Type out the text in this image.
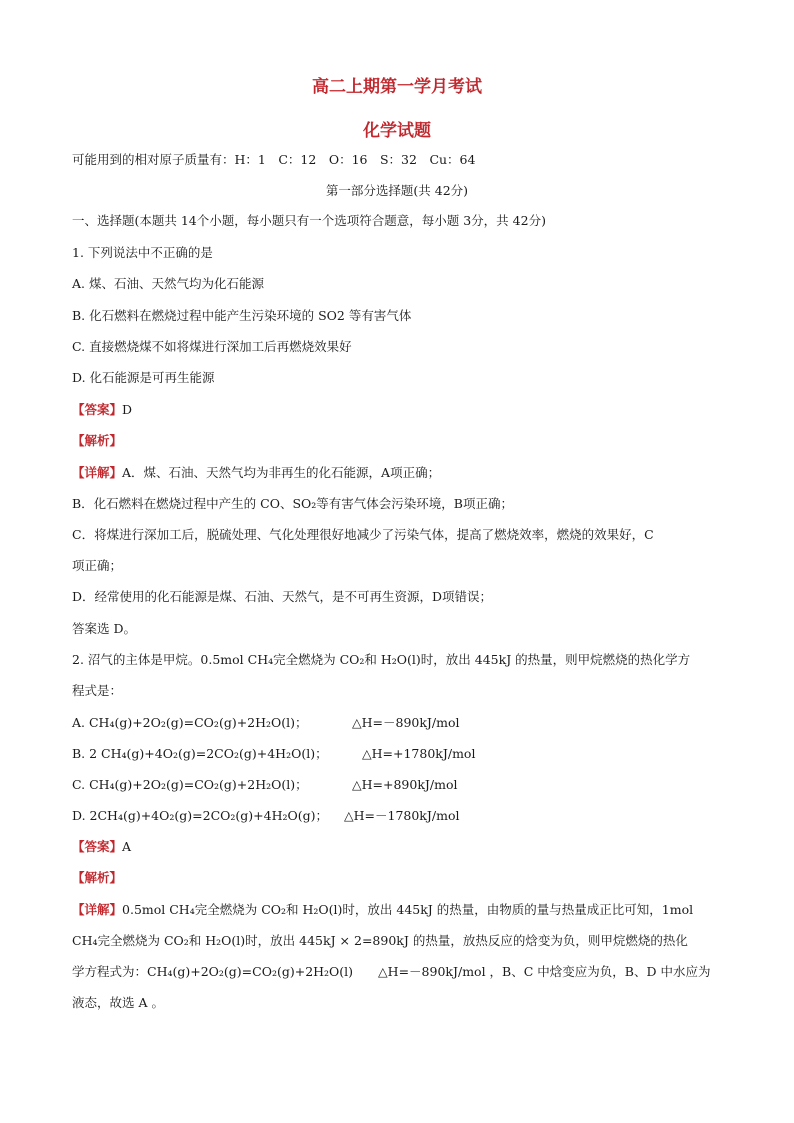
高二上期第一学月考试
化学试题
可能用到的相对原子质量有：H：1　C：12　O：16　S：32　Cu：64
第一部分选择题(共 42分)
一、选择题(本题共 14个小题，每小题只有一个选项符合题意，每小题 3分，共 42分)
1. 下列说法中不正确的是
A. 煤、石油、天然气均为化石能源
B. 化石燃料在燃烧过程中能产生污染环境的 SO2 等有害气体
C. 直接燃烧煤不如将煤进行深加工后再燃烧效果好
D. 化石能源是可再生能源
【答案】D
【解析】
【详解】A．煤、石油、天然气均为非再生的化石能源，A项正确；
B．化石燃料在燃烧过程中产生的 CO、SO₂等有害气体会污染环境，B项正确；
C．将煤进行深加工后，脱硫处理、气化处理很好地减少了污染气体，提高了燃烧效率，燃烧的效果好，C
项正确；
D．经常使用的化石能源是煤、石油、天然气，是不可再生资源，D项错误；
答案选 D。
2. 沼气的主体是甲烷。0.5mol CH₄完全燃烧为 CO₂和 H₂O(l)时，放出 445kJ 的热量，则甲烷燃烧的热化学方
程式是：
A. CH₄(g)+2O₂(g)=CO₂(g)+2H₂O(l)；	△H=－890kJ/mol
B. 2 CH₄(g)+4O₂(g)=2CO₂(g)+4H₂O(l)；	△H=+1780kJ/mol
C. CH₄(g)+2O₂(g)=CO₂(g)+2H₂O(l)；	△H=+890kJ/mol
D. 2CH₄(g)+4O₂(g)=2CO₂(g)+4H₂O(g)； △H=－1780kJ/mol
【答案】A
【解析】
【详解】0.5mol CH₄完全燃烧为 CO₂和 H₂O(l)时，放出 445kJ 的热量，由物质的量与热量成正比可知，1mol
CH₄完全燃烧为 CO₂和 H₂O(l)时，放出 445kJ × 2=890kJ 的热量，放热反应的焓变为负，则甲烷燃烧的热化
学方程式为：CH₄(g)+2O₂(g)=CO₂(g)+2H₂O(l)　　△H=－890kJ/mol ，B、C 中焓变应为负，B、D 中水应为
液态，故选 A 。
